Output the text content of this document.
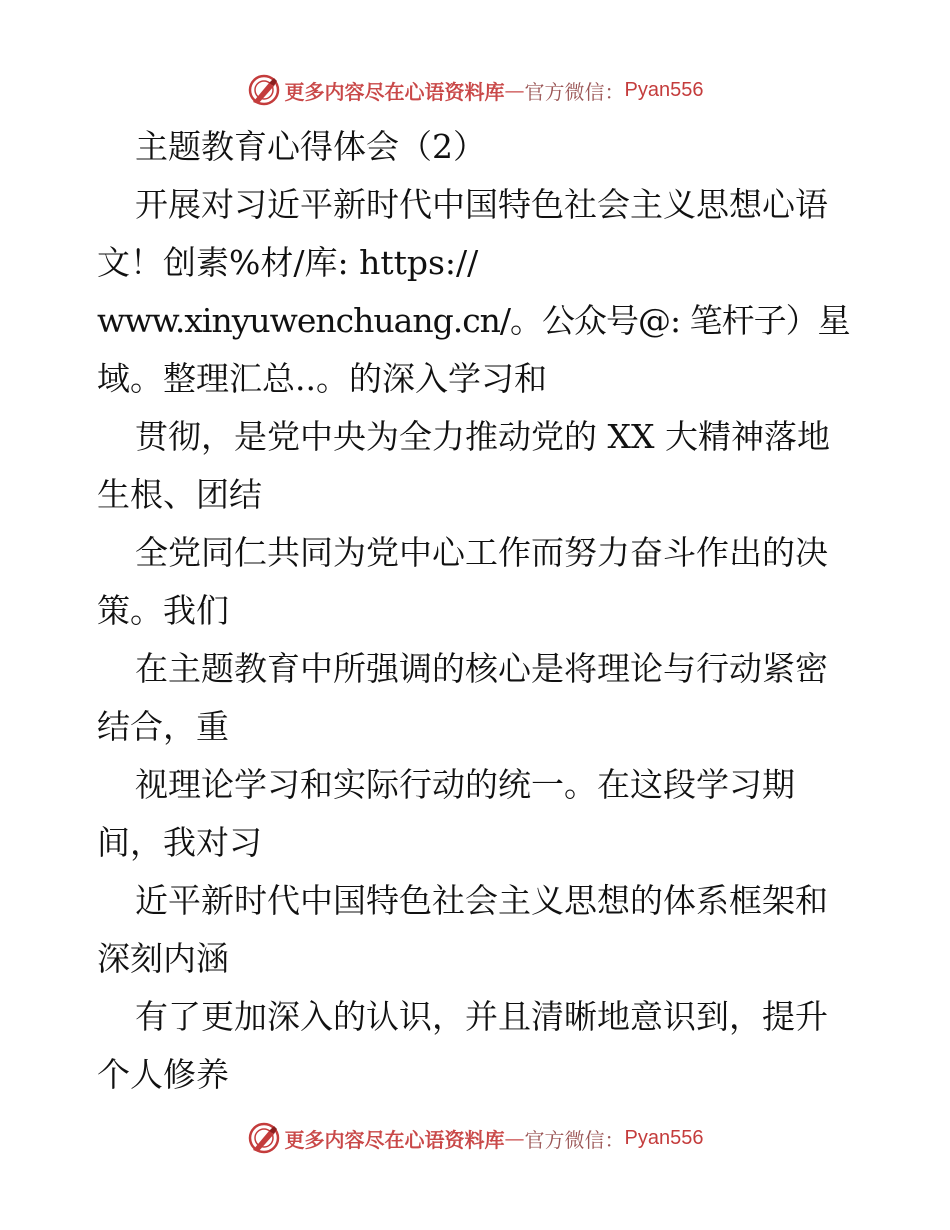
更多内容尽在心语资料库 — 官方微信： Pyan556

主题教育心得体会（2）

开展对习近平新时代中国特色社会主义思想心语

文！创素%材/库: https://

www.xinyuwenchuang.cn/。公众号@: 笔杆子）星

域。整理汇总..。的深入学习和

贯彻，是党中央为全力推动党的 XX 大精神落地

生根、团结

全党同仁共同为党中心工作而努力奋斗作出的决

策。我们

在主题教育中所强调的核心是将理论与行动紧密

结合，重

视理论学习和实际行动的统一。在这段学习期

间，我对习

近平新时代中国特色社会主义思想的体系框架和

深刻内涵

有了更加深入的认识，并且清晰地意识到，提升

个人修养

更多内容尽在心语资料库 — 官方微信： Pyan556
